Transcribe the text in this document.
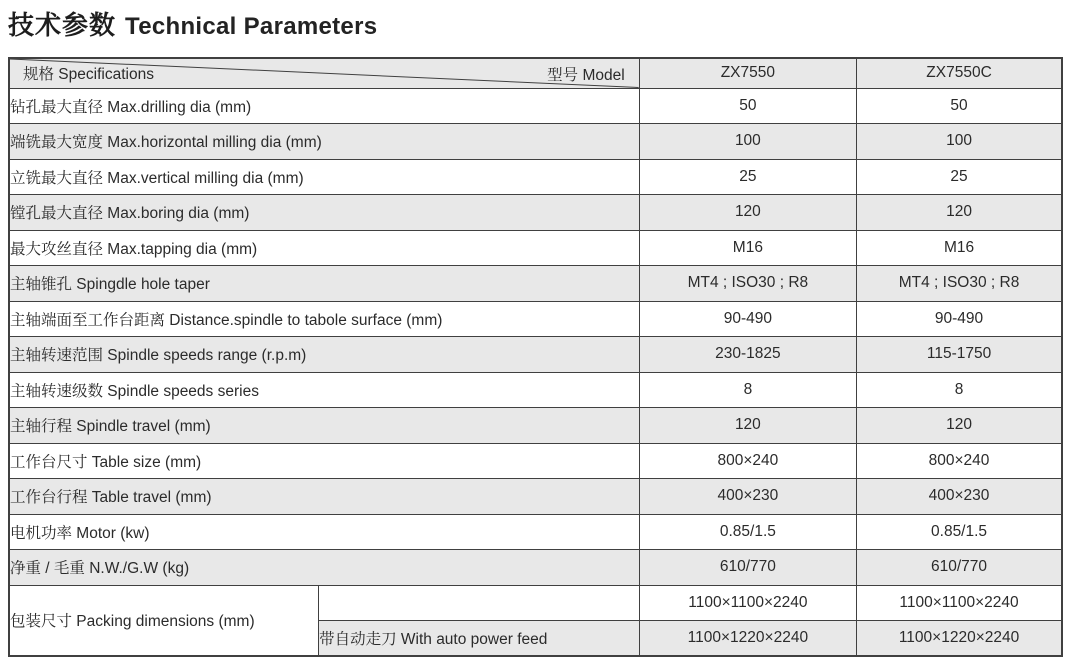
技术参数 Technical Parameters
规格 Specifications 型号 Model		ZX7550	ZX7550C
钻孔最大直径 Max.drilling dia (mm)		50	50
端铣最大宽度 Max.horizontal milling dia (mm)		100	100
立铣最大直径 Max.vertical milling dia (mm)		25	25
镗孔最大直径 Max.boring dia (mm)		120	120
最大攻丝直径 Max.tapping dia (mm)		M16	M16
主轴锥孔 Spingdle hole taper		MT4 ; ISO30 ; R8	MT4 ; ISO30 ; R8
主轴端面至工作台距离 Distance.spindle to tabole surface (mm)		90-490	90-490
主轴转速范围 Spindle speeds range (r.p.m)		230-1825	115-1750
主轴转速级数 Spindle speeds series		8	8
主轴行程 Spindle travel (mm)		120	120
工作台尺寸 Table size (mm)		800×240	800×240
工作台行程 Table travel (mm)		400×230	400×230
电机功率 Motor (kw)		0.85/1.5	0.85/1.5
净重 / 毛重 N.W./G.W (kg)		610/770	610/770
包装尺寸 Packing dimensions (mm)		1100×1100×2240	1100×1100×2240
	带自动走刀 With auto power feed	1100×1220×2240	1100×1220×2240
